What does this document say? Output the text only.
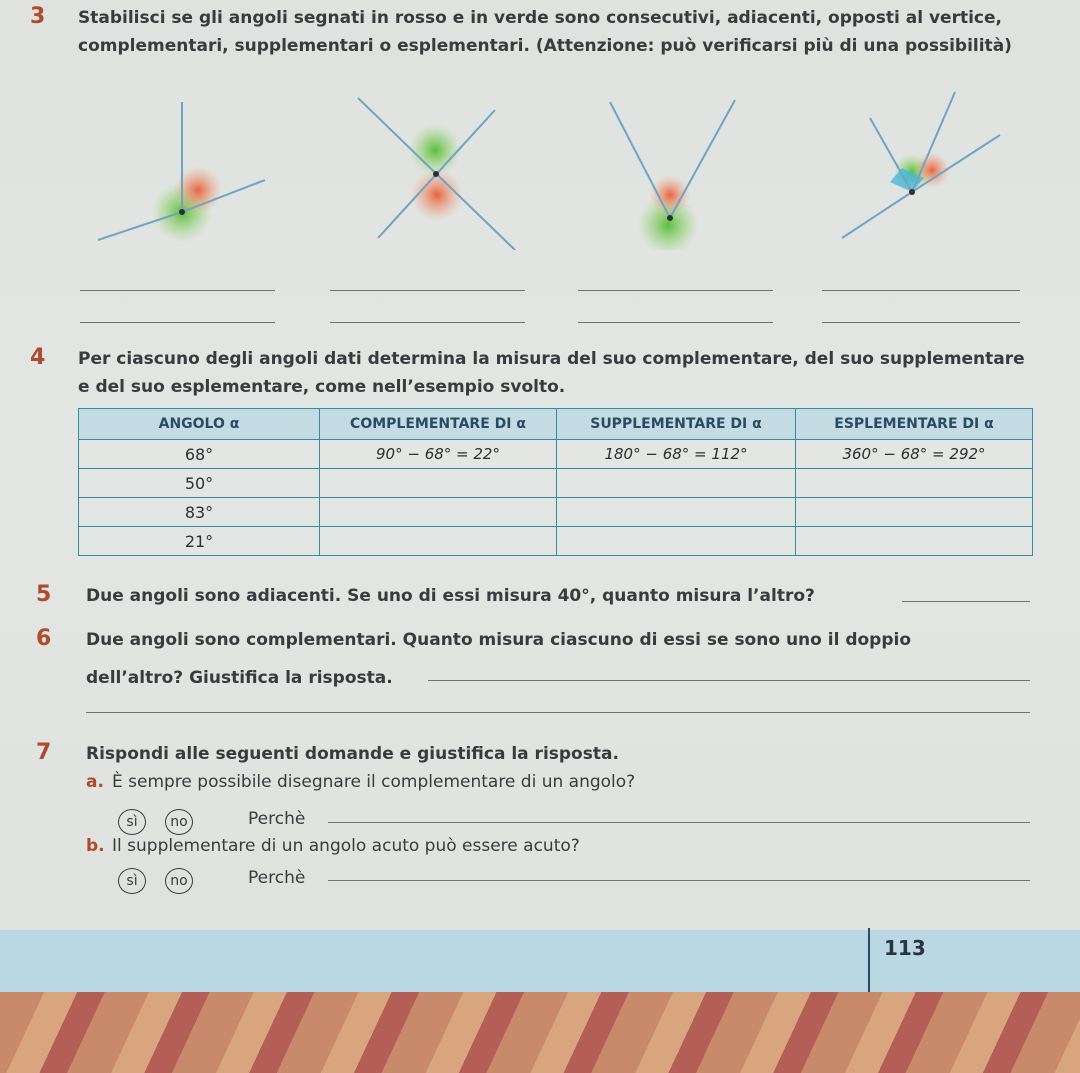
3 Stabilisci se gli angoli segnati in rosso e in verde sono consecutivi, adiacenti, opposti al vertice, complementari, supplementari o esplementari. (Attenzione: può verificarsi più di una possibilità)
4 Per ciascuno degli angoli dati determina la misura del suo complementare, del suo supplementare e del suo esplementare, come nell’esempio svolto.
ANGOLO α	COMPLEMENTARE DI α	SUPPLEMENTARE DI α	ESPLEMENTARE DI α
68°	90° − 68° = 22°	180° − 68° = 112°	360° − 68° = 292°
50°			
83°			
21°			
5 Due angoli sono adiacenti. Se uno di essi misura 40°, quanto misura l’altro?
6 Due angoli sono complementari. Quanto misura ciascuno di essi se sono uno il doppio
dell’altro? Giustifica la risposta.
7 Rispondi alle seguenti domande e giustifica la risposta.
a. È sempre possibile disegnare il complementare di un angolo?
sì	no	Perchè
b. Il supplementare di un angolo acuto può essere acuto?
sì	no	Perchè
113
